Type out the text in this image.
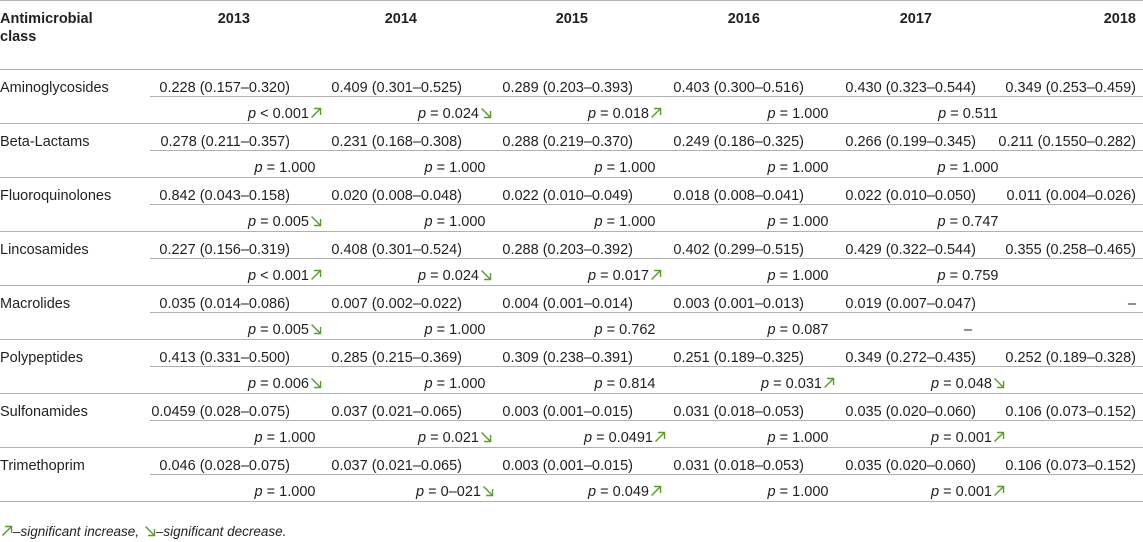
Antimicrobial
class
2013	2014	2015	2016	2017	2018
Aminoglycosides	0.228 (0.157–0.320)	0.409 (0.301–0.525)	0.289 (0.203–0.393)	0.403 (0.300–0.516)	0.430 (0.323–0.544) 0.349 (0.253–0.459)
p < 0.001	p = 0.024	p = 0.018	p = 1.000	p = 0.511
Beta-Lactams	0.278 (0.211–0.357)	0.231 (0.168–0.308)	0.288 (0.219–0.370)	0.249 (0.186–0.325)	0.266 (0.199–0.345) 0.211 (0.1550–0.282)
p = 1.000	p = 1.000	p = 1.000	p = 1.000	p = 1.000
Fluoroquinolones	0.842 (0.043–0.158)	0.020 (0.008–0.048)	0.022 (0.010–0.049)	0.018 (0.008–0.041)	0.022 (0.010–0.050) 0.011 (0.004–0.026)
p = 0.005	p = 1.000	p = 1.000	p = 1.000	p = 0.747
Lincosamides	0.227 (0.156–0.319)	0.408 (0.301–0.524)	0.288 (0.203–0.392)	0.402 (0.299–0.515)	0.429 (0.322–0.544) 0.355 (0.258–0.465)
p < 0.001	p = 0.024	p = 0.017	p = 1.000	p = 0.759
Macrolides	0.035 (0.014–0.086)	0.007 (0.002–0.022)	0.004 (0.001–0.014)	0.003 (0.001–0.013)	0.019 (0.007–0.047)	–
p = 0.005	p = 1.000	p = 0.762	p = 0.087	–
Polypeptides	0.413 (0.331–0.500)	0.285 (0.215–0.369)	0.309 (0.238–0.391)	0.251 (0.189–0.325)	0.349 (0.272–0.435) 0.252 (0.189–0.328)
p = 0.006	p = 1.000	p = 0.814	p = 0.031	p = 0.048
Sulfonamides	0.0459 (0.028–0.075)	0.037 (0.021–0.065)	0.003 (0.001–0.015)	0.031 (0.018–0.053)	0.035 (0.020–0.060) 0.106 (0.073–0.152)
p = 1.000	p = 0.021	p = 0.0491	p = 1.000	p = 0.001
Trimethoprim	0.046 (0.028–0.075)	0.037 (0.021–0.065)	0.003 (0.001–0.015)	0.031 (0.018–0.053)	0.035 (0.020–0.060) 0.106 (0.073–0.152)
p = 1.000	p = 0–021	p = 0.049	p = 1.000	p = 0.001
–significant increase, –significant decrease.
